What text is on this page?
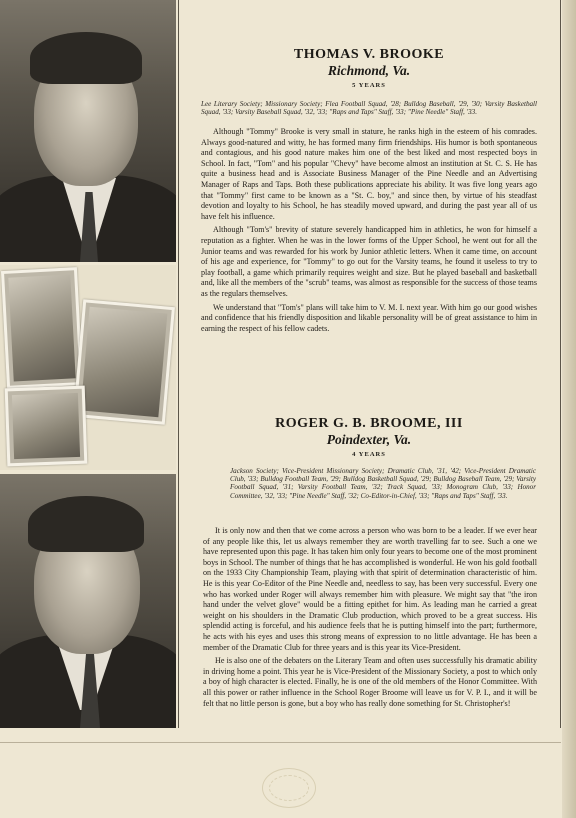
THOMAS V. BROOKE
Richmond, Va.
5 YEARS
Lee Literary Society; Missionary Society; Flea Football Squad, '28; Bulldog Baseball, '29, '30; Varsity Basketball Squad, '33; Varsity Baseball Squad, '32, '33; "Raps and Taps" Staff, '33; "Pine Needle" Staff, '33.

Although "Tommy" Brooke is very small in stature, he ranks high in the esteem of his comrades. Always good-natured and witty, he has formed many firm friendships. His humor is both spontaneous and contagious, and his good nature makes him one of the best liked and most respected boys in School. In fact, "Tom" and his popular "Chevy" have become almost an institution at St. C. S. He has quite a business head and is Associate Business Manager of the Pine Needle and an Advertising Manager of Raps and Taps. Both these publications appreciate his ability. It was five long years ago that "Tommy" first came to be known as a "St. C. boy," and since then, by virtue of his steadfast devotion and loyalty to his School, he has steadily moved upward, and during the past year all of us have felt his influence.

Although "Tom's" brevity of stature severely handicapped him in athletics, he won for himself a reputation as a fighter. When he was in the lower forms of the Upper School, he went out for all the Junior teams and was rewarded for his work by Junior athletic letters. When it came time, on account of his age and experience, for "Tommy" to go out for the Varsity teams, he found it useless to try to play football, a game which primarily requires weight and size. But he played baseball and basketball and, like all the members of the "scrub" teams, was almost as responsible for the success of those teams as the regulars themselves.

We understand that "Tom's" plans will take him to V. M. I. next year. With him go our good wishes and confidence that his friendly disposition and likable personality will be of great assistance to him in earning the respect of his fellow cadets.

ROGER G. B. BROOME, III
Poindexter, Va.
4 YEARS
Jackson Society; Vice-President Missionary Society; Dramatic Club, '31, '42; Vice-President Dramatic Club, '33; Bulldog Football Team, '29; Bulldog Basketball Squad, '29; Bulldog Baseball Team, '29; Varsity Football Squad, '31; Varsity Football Team, '32; Track Squad, '33; Monogram Club, '33; Honor Committee, '32, '33; "Pine Needle" Staff, '32; Co-Editor-in-Chief, '33; "Raps and Taps" Staff, '33.

It is only now and then that we come across a person who was born to be a leader. If we ever hear of any people like this, let us always remember they are worth travelling far to see. Such a one we have represented upon this page. It has taken him only four years to become one of the most prominent boys in School. The number of things that he has accomplished is wonderful. He won his gold football on the 1933 City Championship Team, playing with that spirit of determination characteristic of him. He is this year Co-Editor of the Pine Needle and, needless to say, has been very successful. Every one who has worked under Roger will always remember him with pleasure. We might say that "the iron hand under the velvet glove" would be a fitting epithet for him. As leading man he carried a great weight on his shoulders in the Dramatic Club production, which proved to be a great success. His splendid acting is forceful, and his audience feels that he is putting himself into the part; furthermore, he acts with his eyes and uses this strong means of expression to no little advantage. He has been a member of the Dramatic Club for three years and is this year its Vice-President.

He is also one of the debaters on the Literary Team and often uses successfully his dramatic ability in driving home a point. This year he is Vice-President of the Missionary Society, a post to which only a boy of high character is elected. Finally, he is one of the old members of the Honor Committee. With all this power or rather influence in the School Roger Broome will leave us for V. P. I., and it will be felt that no little person is gone, but a boy who has really done something for St. Christopher's!
